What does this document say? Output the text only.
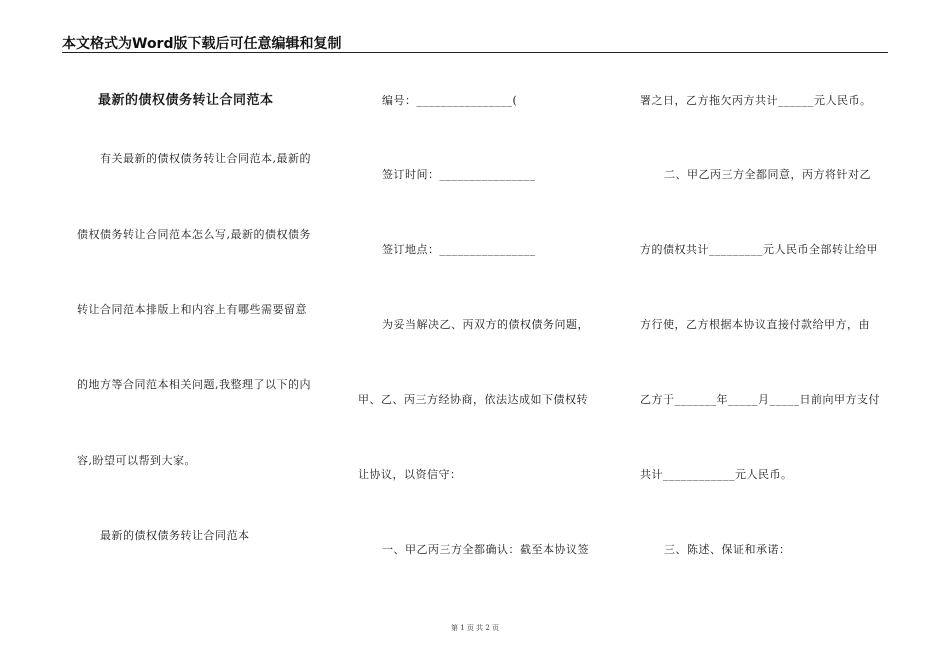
本文格式为Word版下载后可任意编辑和复制
最新的债权债务转让合同范本
有关最新的债权债务转让合同范本,最新的
债权债务转让合同范本怎么写,最新的债权债务
转让合同范本排版上和内容上有哪些需要留意
的地方等合同范本相关问题,我整理了以下的内
容,盼望可以帮到大家。
最新的债权债务转让合同范本
编号：________________(
签订时间：________________
签订地点：________________
为妥当解决乙、丙双方的债权债务问题，
甲、乙、丙三方经协商，依法达成如下债权转
让协议，以资信守：
一、甲乙丙三方全都确认：截至本协议签
署之日，乙方拖欠丙方共计______元人民币。
二、甲乙丙三方全都同意，丙方将针对乙
方的债权共计_________元人民币全部转让给甲
方行使，乙方根据本协议直接付款给甲方，由
乙方于_______年_____月_____日前向甲方支付
共计____________元人民币。
三、陈述、保证和承诺：
第 1 页 共 2 页
